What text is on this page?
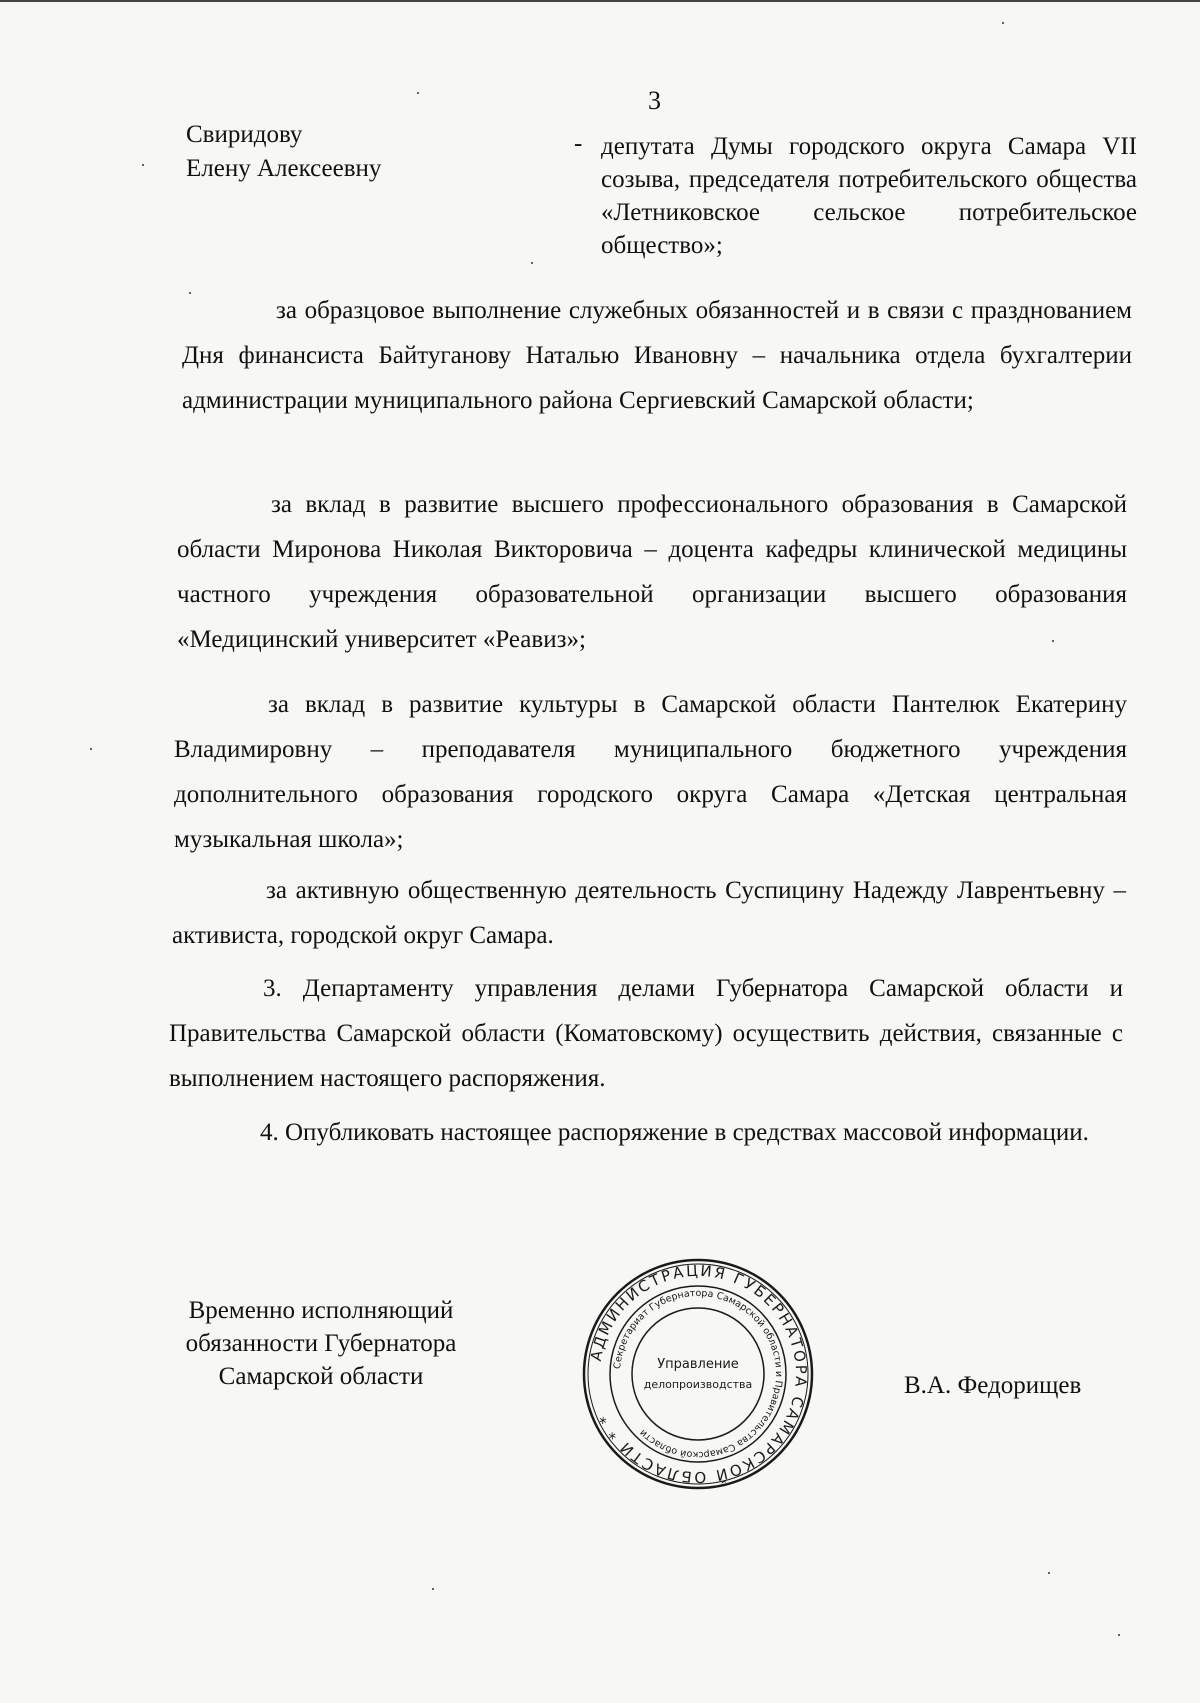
3
Свиридову
Елену Алексеевну
- депутата Думы городского округа Самара VII созыва, председателя потребительского общества «Летниковское сельское потребительское общество»;
за образцовое выполнение служебных обязанностей и в связи с празднованием Дня финансиста Байтуганову Наталью Ивановну – начальника отдела бухгалтерии администрации муниципального района Сергиевский Самарской области;
за вклад в развитие высшего профессионального образования в Самарской области Миронова Николая Викторовича – доцента кафедры клинической медицины частного учреждения образовательной организации высшего образования «Медицинский университет «Реавиз»;
за вклад в развитие культуры в Самарской области Пантелюк Екатерину Владимировну – преподавателя муниципального бюджетного учреждения дополнительного образования городского округа Самара «Детская центральная музыкальная школа»;
за активную общественную деятельность Суспицину Надежду Лаврентьевну – активиста, городской округ Самара.
3. Департаменту управления делами Губернатора Самарской области и Правительства Самарской области (Коматовскому) осуществить действия, связанные с выполнением настоящего распоряжения.
4. Опубликовать настоящее распоряжение в средствах массовой информации.
Временно исполняющий
обязанности Губернатора
Самарской области
АДМИНИСТРАЦИЯ ГУБЕРНАТОРА САМАРСКОЙ ОБЛАСТИ * *
Секретариат Губернатора Самарской области и Правительства Самарской области
Управление
делопроизводства	В.А. Федорищев
